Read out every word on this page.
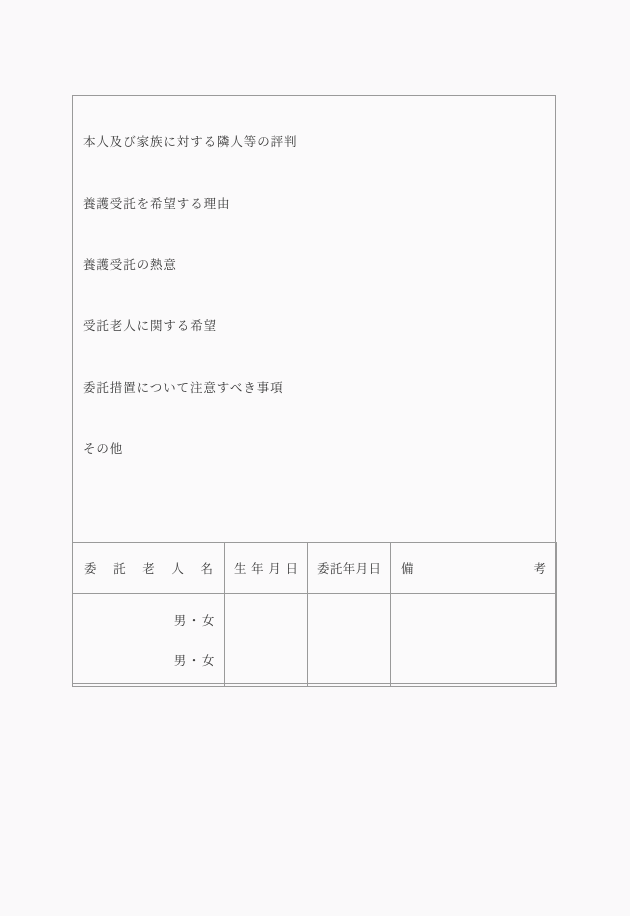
本人及び家族に対する隣人等の評判
養護受託を希望する理由
養護受託の熱意
受託老人に関する希望
委託措置について注意すべき事項
その他
委 託 老 人 名	生 年 月 日	委 託 年 月 日	備 考

男・女
男・女			
